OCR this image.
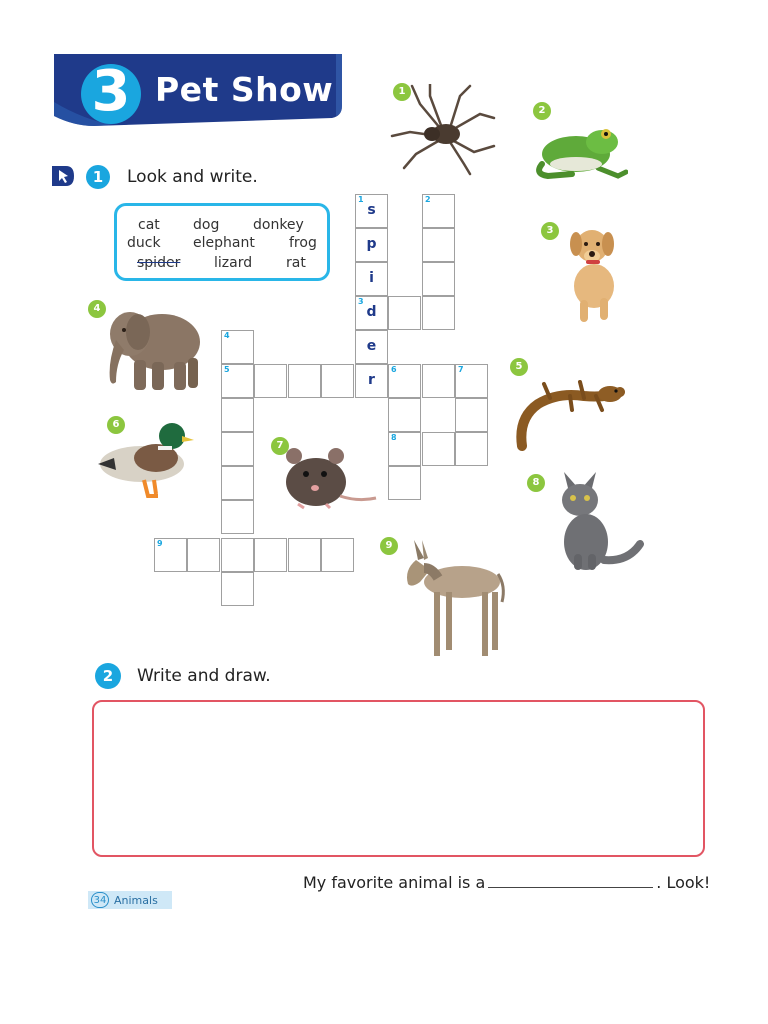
3 Pet Show
1	Look and write.
cat dog donkey
duck elephant frog
spider lizard rat
1	2
3
4
5	6	7
8
9
s
p
i
d
e
r
1
2
3
4
5
6
7
8
9
2	Write and draw.
My favorite animal is a	. Look!
34 Animals
